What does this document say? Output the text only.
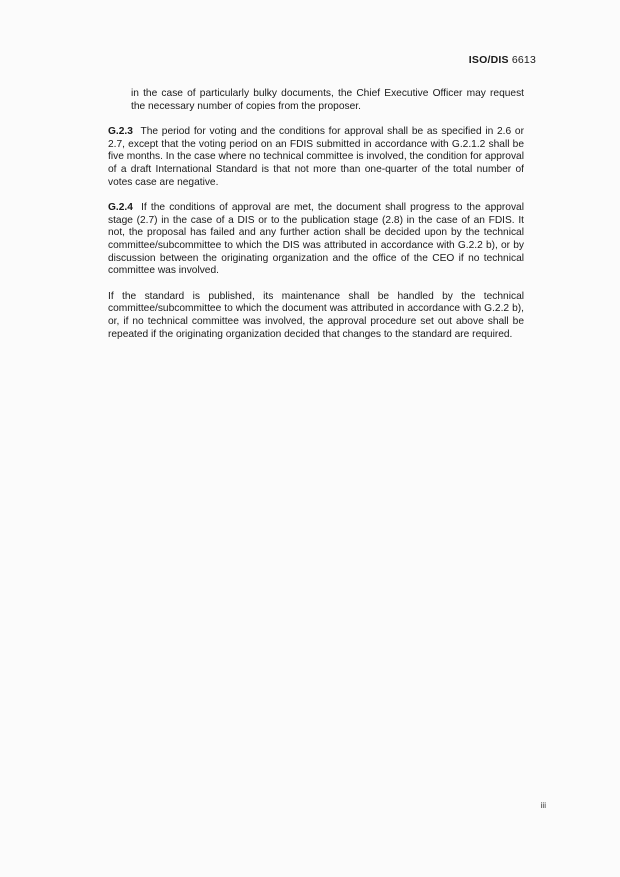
ISO/DIS 6613

in the case of particularly bulky documents, the Chief Executive Officer may request the necessary number of copies from the proposer.

G.2.3 The period for voting and the conditions for approval shall be as specified in 2.6 or 2.7, except that the voting period on an FDIS submitted in accordance with G.2.1.2 shall be five months. In the case where no technical committee is involved, the condition for approval of a draft International Standard is that not more than one-quarter of the total number of votes case are negative.

G.2.4 If the conditions of approval are met, the document shall progress to the approval stage (2.7) in the case of a DIS or to the publication stage (2.8) in the case of an FDIS. It not, the proposal has failed and any further action shall be decided upon by the technical committee/subcommittee to which the DIS was attributed in accordance with G.2.2 b), or by discussion between the originating organization and the office of the CEO if no technical committee was involved.

If the standard is published, its maintenance shall be handled by the technical committee/subcommittee to which the document was attributed in accordance with G.2.2 b), or, if no technical committee was involved, the approval procedure set out above shall be repeated if the originating organization decided that changes to the standard are required.

iii
